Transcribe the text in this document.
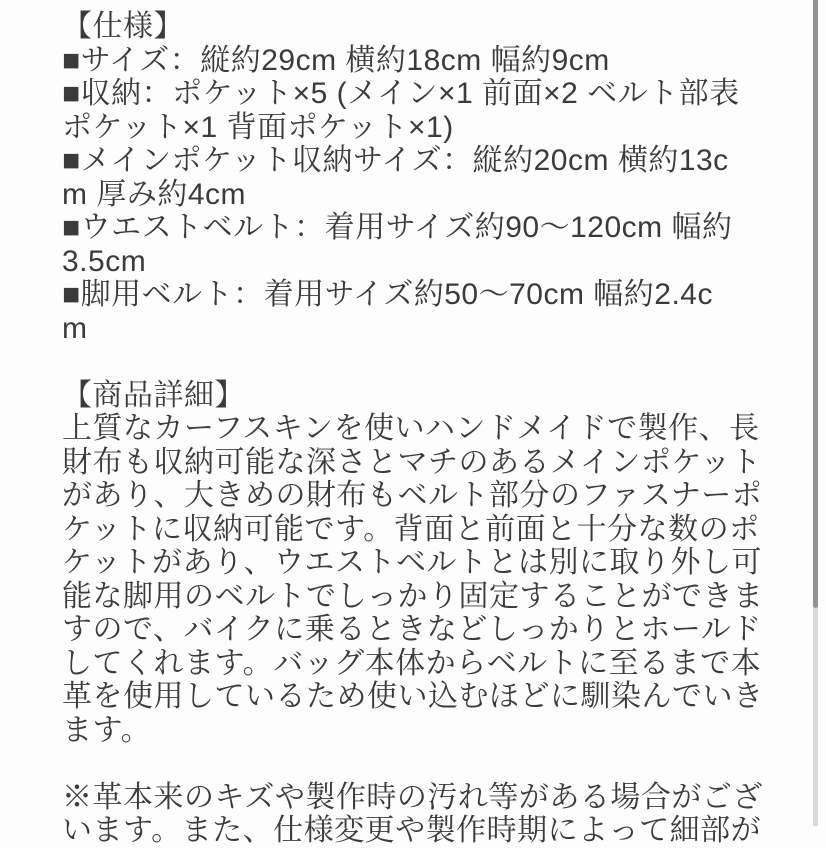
【仕様】
■サイズ：縦約29cm 横約18cm 幅約9cm
■収納：ポケット×5 (メイン×1 前面×2 ベルト部表
ポケット×1 背面ポケット×1)
■メインポケット収納サイズ：縦約20cm 横約13c
m 厚み約4cm
■ウエストベルト：着用サイズ約90〜120cm 幅約
3.5cm
■脚用ベルト：着用サイズ約50〜70cm 幅約2.4c
m
【商品詳細】
上質なカーフスキンを使いハンドメイドで製作、長
財布も収納可能な深さとマチのあるメインポケット
があり、大きめの財布もベルト部分のファスナーポ
ケットに収納可能です。背面と前面と十分な数のポ
ケットがあり、ウエストベルトとは別に取り外し可
能な脚用のベルトでしっかり固定することができま
すので、バイクに乗るときなどしっかりとホールド
してくれます。バッグ本体からベルトに至るまで本
革を使用しているため使い込むほどに馴染んでいき
ます。
※革本来のキズや製作時の汚れ等がある場合がござ
います。また、仕様変更や製作時期によって細部が
